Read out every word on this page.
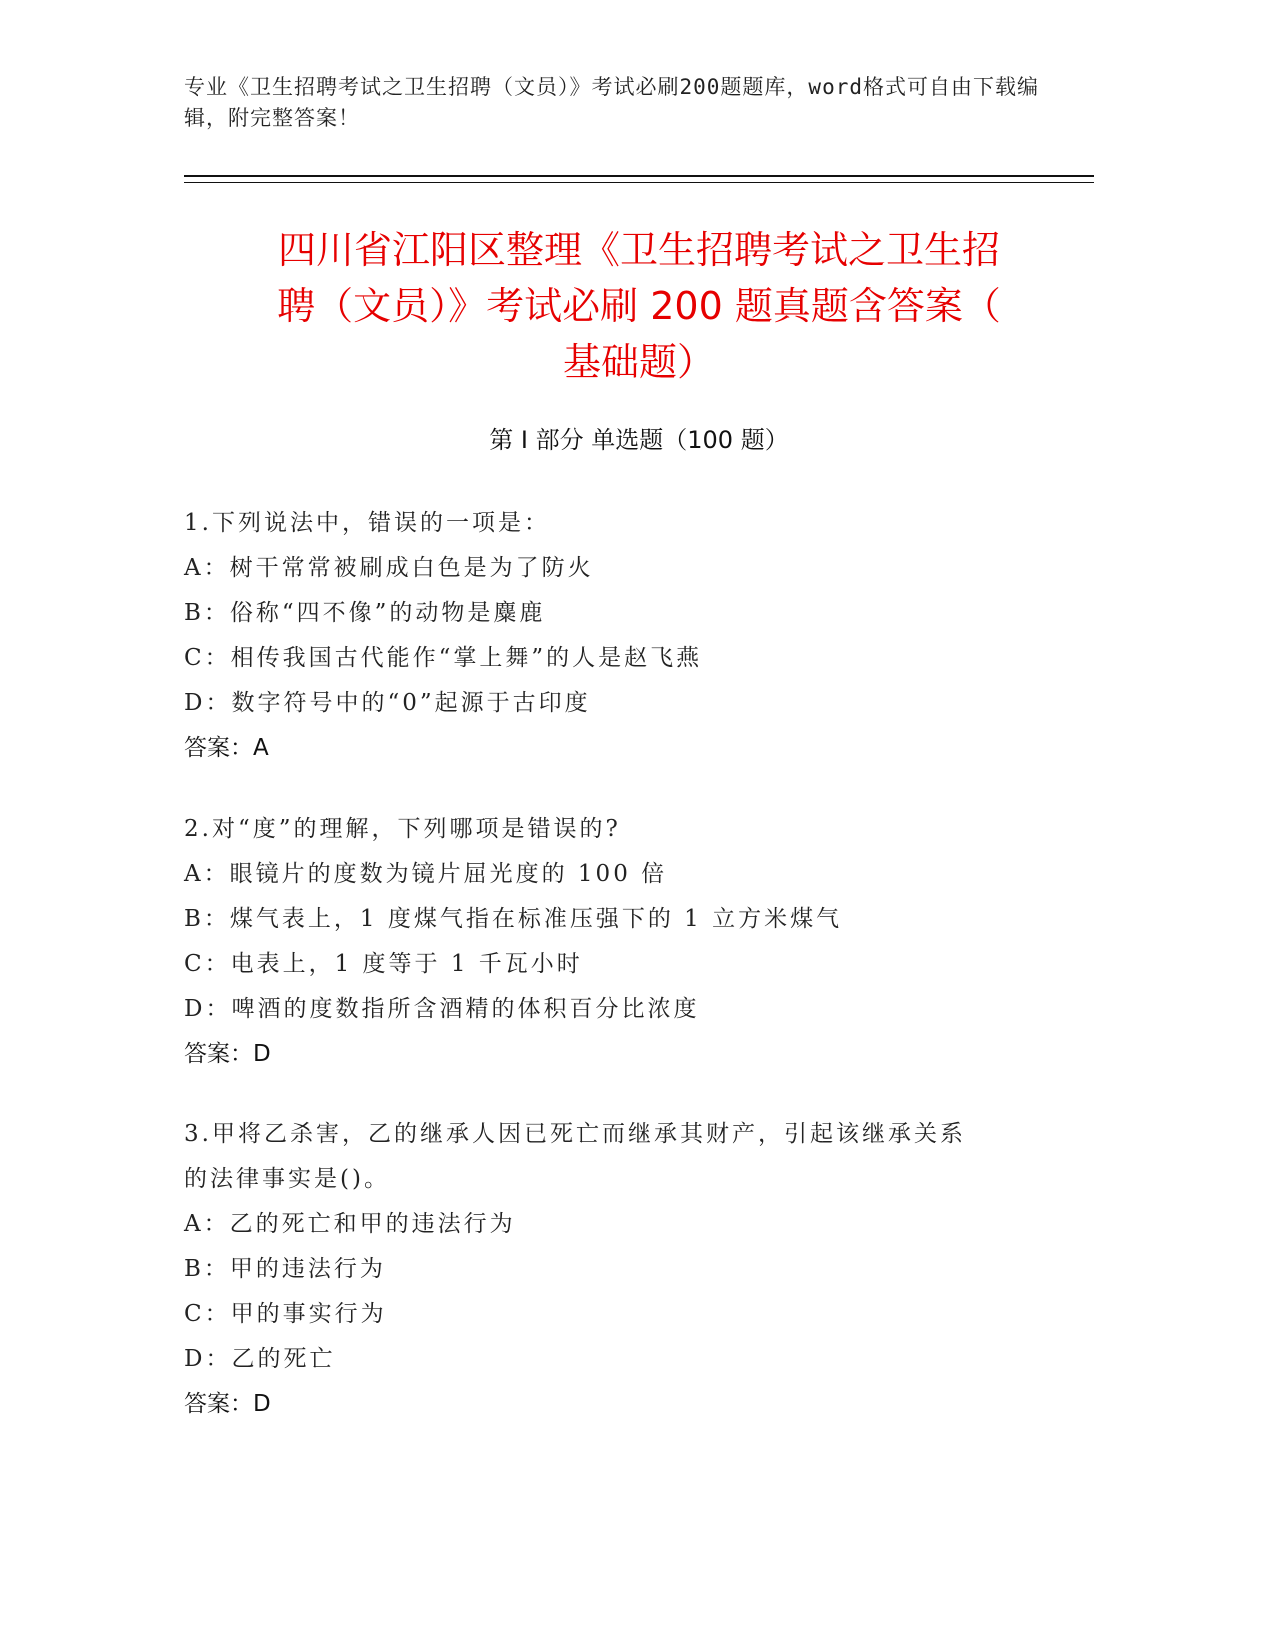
专业《卫生招聘考试之卫生招聘（文员）》考试必刷200题题库，word格式可自由下载编辑，附完整答案！
四川省江阳区整理《卫生招聘考试之卫生招
聘（文员）》考试必刷 200 题真题含答案（
基础题）
第 I 部分 单选题（100 题）
1.下列说法中，错误的一项是：
A：树干常常被刷成白色是为了防火
B：俗称“四不像”的动物是麋鹿
C：相传我国古代能作“掌上舞”的人是赵飞燕
D：数字符号中的“0”起源于古印度
答案：A
2.对“度”的理解，下列哪项是错误的?
A：眼镜片的度数为镜片屈光度的 100 倍
B：煤气表上，1 度煤气指在标准压强下的 1 立方米煤气
C：电表上，1 度等于 1 千瓦小时
D：啤酒的度数指所含酒精的体积百分比浓度
答案：D
3.甲将乙杀害，乙的继承人因已死亡而继承其财产，引起该继承关系
的法律事实是()。
A：乙的死亡和甲的违法行为
B：甲的违法行为
C：甲的事实行为
D：乙的死亡
答案：D
